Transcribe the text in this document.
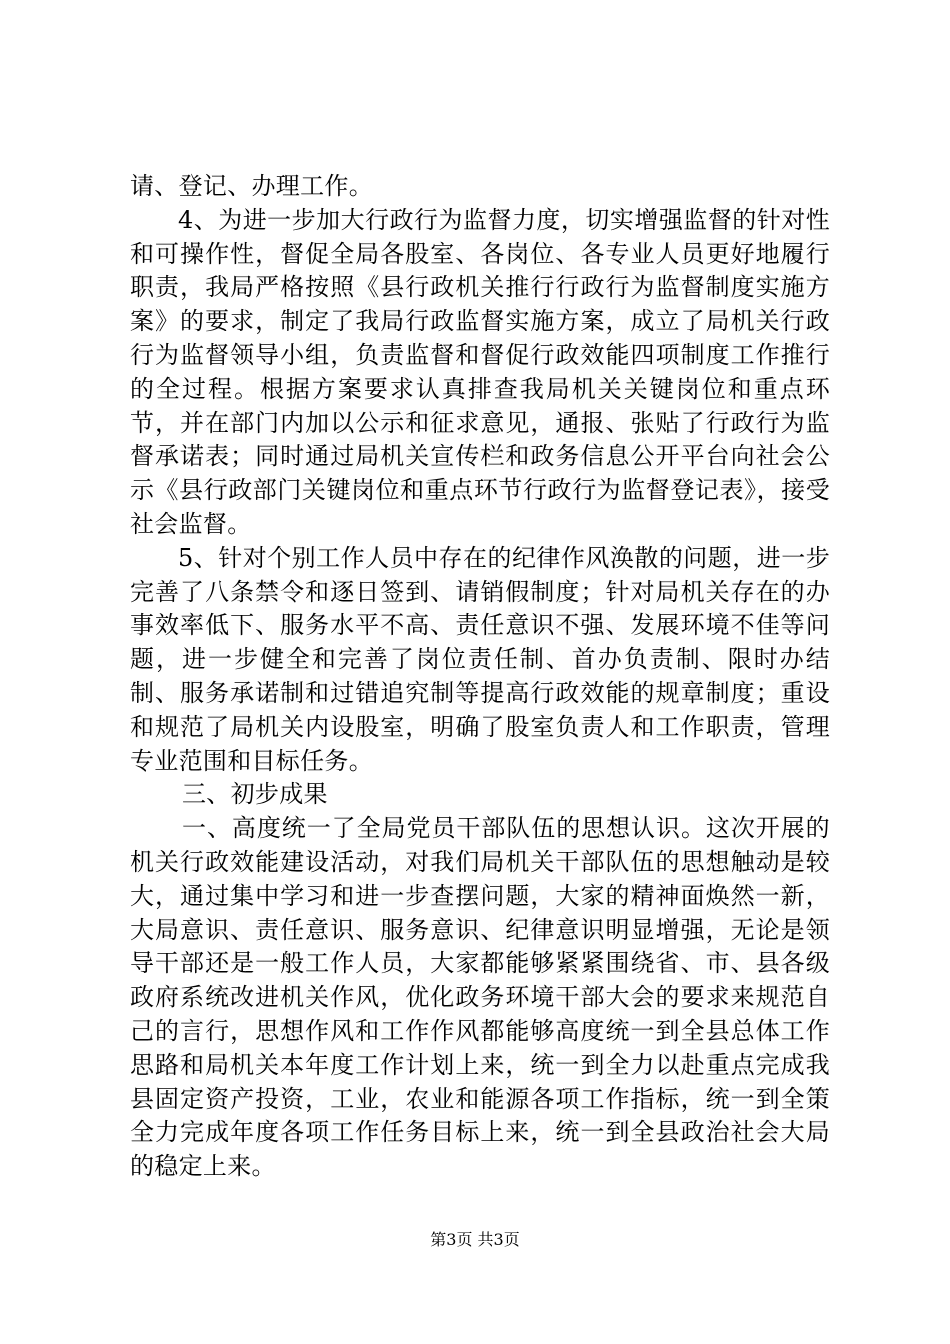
请、登记、办理工作。

4、为进一步加大行政行为监督力度，切实增强监督的针对性和可操作性，督促全局各股室、各岗位、各专业人员更好地履行职责，我局严格按照《县行政机关推行行政行为监督制度实施方案》的要求，制定了我局行政监督实施方案，成立了局机关行政行为监督领导小组，负责监督和督促行政效能四项制度工作推行的全过程。根据方案要求认真排查我局机关关键岗位和重点环节，并在部门内加以公示和征求意见，通报、张贴了行政行为监督承诺表；同时通过局机关宣传栏和政务信息公开平台向社会公示《县行政部门关键岗位和重点环节行政行为监督登记表》，接受社会监督。

5、针对个别工作人员中存在的纪律作风涣散的问题，进一步完善了八条禁令和逐日签到、请销假制度；针对局机关存在的办事效率低下、服务水平不高、责任意识不强、发展环境不佳等问题，进一步健全和完善了岗位责任制、首办负责制、限时办结制、服务承诺制和过错追究制等提高行政效能的规章制度；重设和规范了局机关内设股室，明确了股室负责人和工作职责，管理专业范围和目标任务。

三、初步成果

一、高度统一了全局党员干部队伍的思想认识。这次开展的机关行政效能建设活动，对我们局机关干部队伍的思想触动是较大，通过集中学习和进一步查摆问题，大家的精神面焕然一新，大局意识、责任意识、服务意识、纪律意识明显增强，无论是领导干部还是一般工作人员，大家都能够紧紧围绕省、市、县各级政府系统改进机关作风，优化政务环境干部大会的要求来规范自己的言行，思想作风和工作作风都能够高度统一到全县总体工作思路和局机关本年度工作计划上来，统一到全力以赴重点完成我县固定资产投资，工业，农业和能源各项工作指标，统一到全策全力完成年度各项工作任务目标上来，统一到全县政治社会大局的稳定上来。

第3页 共3页
